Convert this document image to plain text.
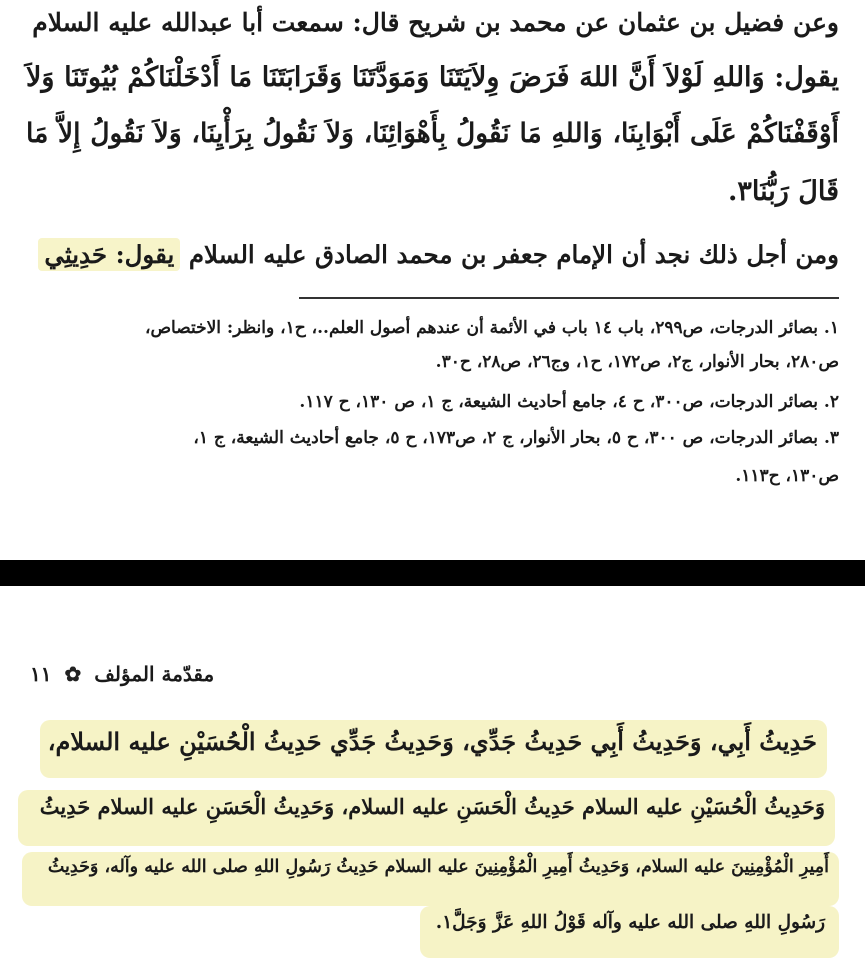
وعن فضيل بن عثمان عن محمد بن شريح قال: سمعت أبا عبدالله عليه السلام
يقول: وَاللهِ لَوْلاَ أَنَّ اللهَ فَرَضَ وِلاَيَتَنَا وَمَوَدَّتَنَا وَقَرَابَتَنَا مَا أَدْخَلْنَاكُمْ بُيُوتَنَا وَلاَ
أَوْقَفْنَاكُمْ عَلَى أَبْوَابِنَا، وَاللهِ مَا نَقُولُ بِأَهْوَائِنَا، وَلاَ نَقُولُ بِرَأْيِنَا، وَلاَ نَقُولُ إِلاَّ مَا
قَالَ رَبُّنَا٣.
ومن أجل ذلك نجد أن الإمام جعفر بن محمد الصادق عليه السلام يقول: حَدِيثِي
١. بصائر الدرجات، ص٢٩٩، باب ١٤ باب في الأئمة أن عندهم أصول العلم..، ح١، وانظر: الاختصاص،
ص٢٨٠، بحار الأنوار، ج٢، ص١٧٢، ح١، وج٢٦، ص٢٨، ح٣٠.
٢. بصائر الدرجات، ص٣٠٠، ح ٤، جامع أحاديث الشيعة، ج ١، ص ١٣٠، ح ١١٧.
٣. بصائر الدرجات، ص ٣٠٠، ح ٥، بحار الأنوار، ج ٢، ص١٧٣، ح ٥، جامع أحاديث الشيعة، ج ١،
ص١٣٠، ح١١٣.
مقدّمة المؤلف ✿ ١١
حَدِيثُ أَبِي، وَحَدِيثُ أَبِي حَدِيثُ جَدِّي، وَحَدِيثُ جَدِّي حَدِيثُ الْحُسَيْنِ عليه السلام،
وَحَدِيثُ الْحُسَيْنِ عليه السلام حَدِيثُ الْحَسَنِ عليه السلام، وَحَدِيثُ الْحَسَنِ عليه السلام حَدِيثُ
أَمِيرِ الْمُؤْمِنِينَ عليه السلام، وَحَدِيثُ أَمِيرِ الْمُؤْمِنِينَ عليه السلام حَدِيثُ رَسُولِ اللهِ صلى الله عليه وآله، وَحَدِيثُ
رَسُولِ اللهِ صلى الله عليه وآله قَوْلُ اللهِ عَزَّ وَجَلَّ١.
